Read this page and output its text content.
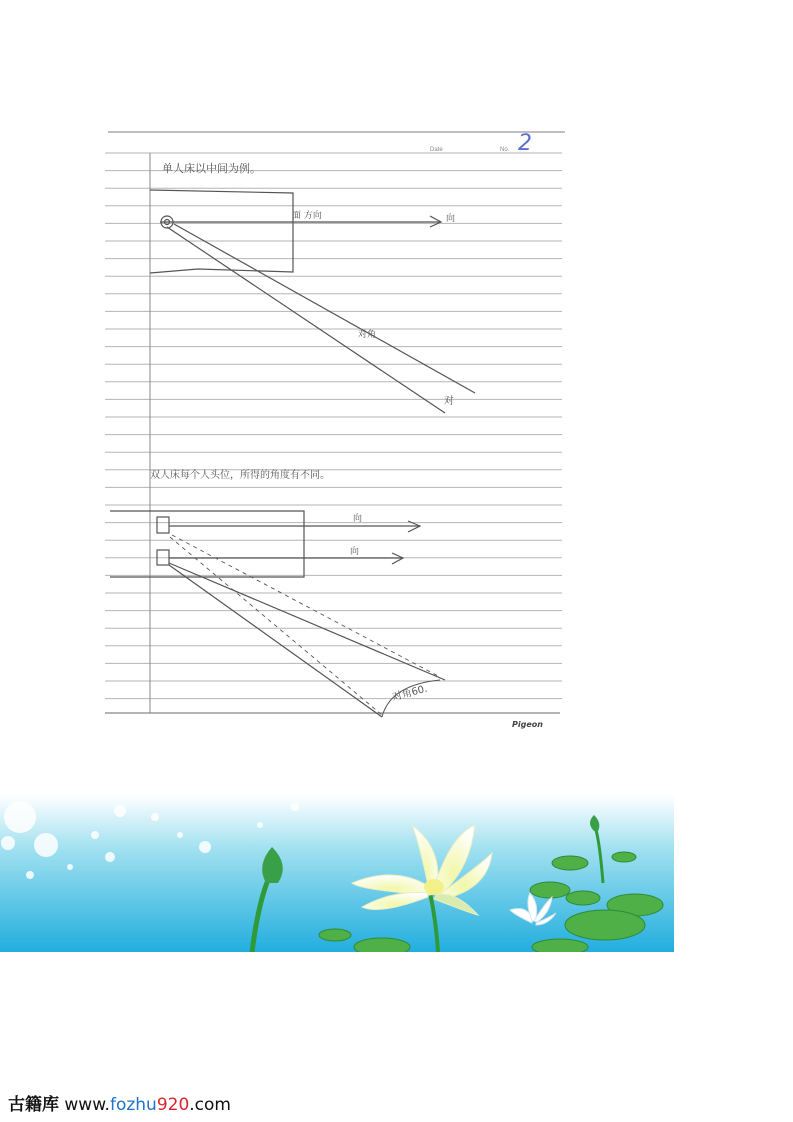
Date	No. 2
单人床以中间为例。
面 方向	向
对角
对
双人床每个人头位，所得的角度有不同。
向
向
对角60.
Pigeon
古籍库 www.fozhu920.com
